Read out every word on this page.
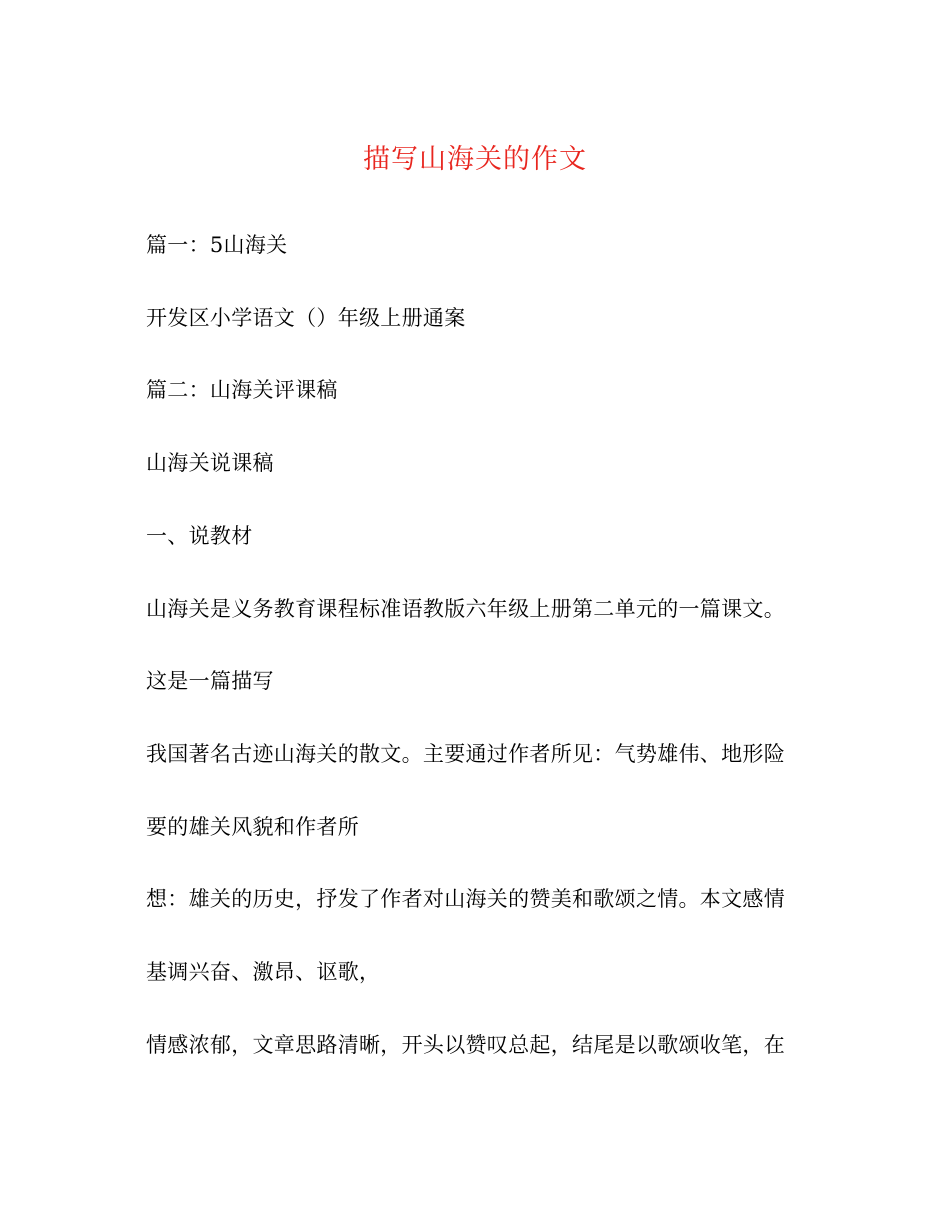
描写山海关的作文
篇一：5山海关
开发区小学语文（）年级上册通案
篇二：山海关评课稿
山海关说课稿
一、说教材
山海关是义务教育课程标准语教版六年级上册第二单元的一篇课文。
这是一篇描写
我国著名古迹山海关的散文。主要通过作者所见：气势雄伟、地形险
要的雄关风貌和作者所
想：雄关的历史，抒发了作者对山海关的赞美和歌颂之情。本文感情
基调兴奋、激昂、讴歌，
情感浓郁，文章思路清晰，开头以赞叹总起，结尾是以歌颂收笔，在
